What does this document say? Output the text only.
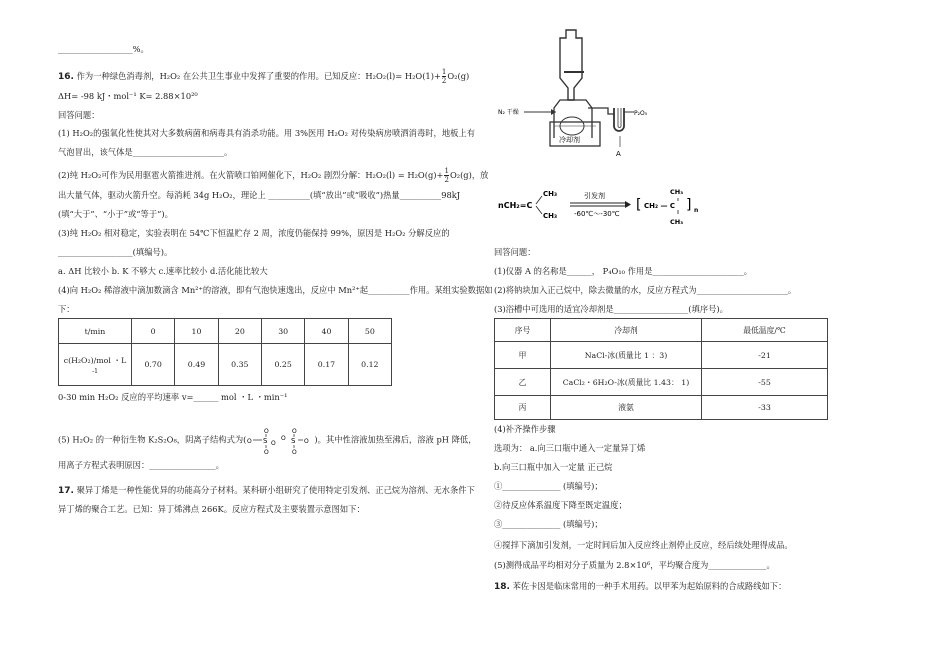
__________________%。
16. 作为一种绿色消毒剂，H₂O₂ 在公共卫生事业中发挥了重要的作用。已知反应：$H_2O_2(l)= H_2O(1)+ \frac{1}{2} O_2(g)$
ΔH= -98 kJ・mol⁻¹ K= 2.88×10²⁰
回答问题：
(1) H₂O₂的强氧化性使其对大多数病菌和病毒具有消杀功能。用 3%医用 H₂O₂ 对传染病房喷洒消毒时，地板上有
气泡冒出，该气体是______________________。
(2)纯 H₂O₂可作为民用驱雹火箭推进剂。在火箭喷口铂网催化下，H₂O₂ 剧烈分解：$H_2O_2(l) = H_2O(g)+ \frac{1}{2} O_2(g)$，放
出大量气体，驱动火箭升空。每消耗 34g H₂O₂，理论上 __________(填“放出”或“吸收”)热量__________98kJ
(填“大于”、“小于”或“等于”)。
(3)纯 H₂O₂ 相对稳定，实验表明在 54℃下恒温贮存 2 周，浓度仍能保持 99%，原因是 H₂O₂ 分解反应的
__________________(填编号)。
a. ΔH 比较小 b. K 不够大 c.速率比较小 d.活化能比较大
(4)向 H₂O₂ 稀溶液中滴加数滴含 Mn²⁺的溶液，即有气泡快速逸出，反应中 Mn²⁺起__________作用。某组实验数据如
下：
t/min	0	10	20	30	40	50
c(H₂O₂)/mol ・L
-1	0.70	0.49	0.35	0.25	0.17	0.12
0-30 min H₂O₂ 反应的平均速率 v=______ mol ・L ・min⁻¹
(5) H₂O₂ 的一种衍生物 K₂S₂O₈，阴离子结构式为(
O	O
O S O
O S O
O	O
)。其中性溶液加热至沸后，溶液 pH 降低，
用离子方程式表明原因：________________。
17. 聚异丁烯是一种性能优异的功能高分子材料。某科研小组研究了使用特定引发剂、正己烷为溶剂、无水条件下
异丁烯的聚合工艺。已知：异丁烯沸点 266K。反应方程式及主要装置示意图如下：
冷却剂
N₂ 干燥	P₂O₅
A
nCH₂=C
CH₃
CH₃
引发剂
-60℃～-30℃
[ CH₂ — C ] n
CH₃
CH₃
回答问题：
(1)仪器 A 的名称是______， P₄O₁₀ 作用是______________________。
(2)将钠块加入正己烷中，除去微量的水，反应方程式为______________________。
(3)浴槽中可选用的适宜冷却剂是__________________(填序号)。
序号	冷却剂	最低温度/℃
甲	NaCl-冰(质量比 1 ：3)	-21
乙	CaCl₂・6H₂O-冰(质量比 1.43： 1)	-55
丙	液氨	-33
(4)补齐操作步骤
选项为： a.向三口瓶中通入一定量异丁烯
b.向三口瓶中加入一定量 正己烷
①______________ (填编号)；
②待反应体系温度下降至既定温度；
③______________ (填编号)；
④搅拌下滴加引发剂，一定时间后加入反应终止剂停止反应，经后续处理得成品。
(5)测得成品平均相对分子质量为 2.8×10⁶，平均聚合度为______________。
18. 苯佐卡因是临床常用的一种手术用药。以甲苯为起始原料的合成路线如下：
